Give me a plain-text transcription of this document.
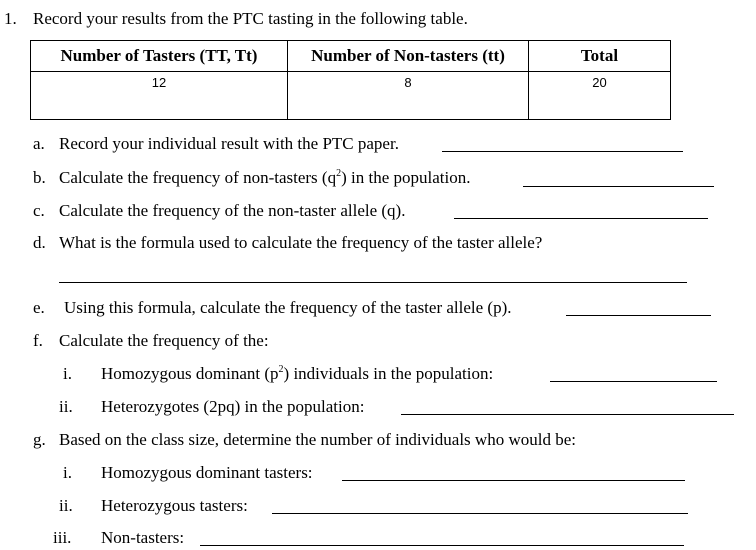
1. Record your results from the PTC tasting in the following table.
Number of Tasters (TT, Tt)	Number of Non-tasters (tt)	Total
12	8	20
a. Record your individual result with the PTC paper.
b. Calculate the frequency of non-tasters $(q^2)$ in the population.
c. Calculate the frequency of the non-taster allele (q).
d. What is the formula used to calculate the frequency of the taster allele?
e. Using this formula, calculate the frequency of the taster allele (p).
f. Calculate the frequency of the:
i. Homozygous dominant $(p^2)$ individuals in the population:
ii. Heterozygotes (2pq) in the population:
g. Based on the class size, determine the number of individuals who would be:
i. Homozygous dominant tasters:
ii. Heterozygous tasters:
iii. Non-tasters:
